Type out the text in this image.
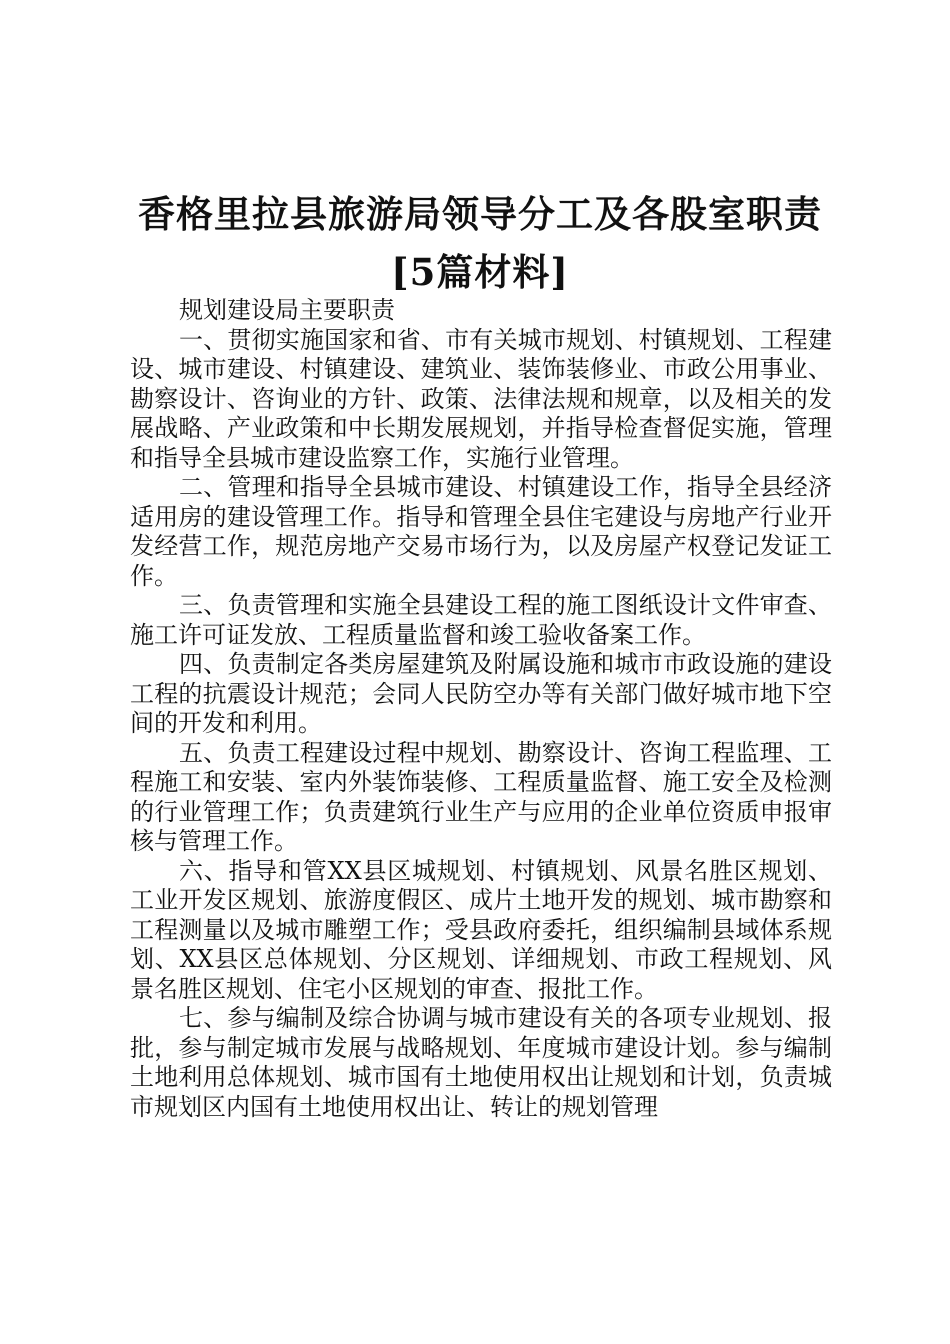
香格里拉县旅游局领导分工及各股室职责[5篇材料]

规划建设局主要职责

一、贯彻实施国家和省、市有关城市规划、村镇规划、工程建设、城市建设、村镇建设、建筑业、装饰装修业、市政公用事业、勘察设计、咨询业的方针、政策、法律法规和规章，以及相关的发展战略、产业政策和中长期发展规划，并指导检查督促实施，管理和指导全县城市建设监察工作，实施行业管理。

二、管理和指导全县城市建设、村镇建设工作，指导全县经济适用房的建设管理工作。指导和管理全县住宅建设与房地产行业开发经营工作，规范房地产交易市场行为，以及房屋产权登记发证工作。

三、负责管理和实施全县建设工程的施工图纸设计文件审查、施工许可证发放、工程质量监督和竣工验收备案工作。

四、负责制定各类房屋建筑及附属设施和城市市政设施的建设工程的抗震设计规范；会同人民防空办等有关部门做好城市地下空间的开发和利用。

五、负责工程建设过程中规划、勘察设计、咨询工程监理、工程施工和安装、室内外装饰装修、工程质量监督、施工安全及检测的行业管理工作；负责建筑行业生产与应用的企业单位资质申报审核与管理工作。

六、指导和管XX县区城规划、村镇规划、风景名胜区规划、工业开发区规划、旅游度假区、成片土地开发的规划、城市勘察和工程测量以及城市雕塑工作；受县政府委托，组织编制县域体系规划、XX县区总体规划、分区规划、详细规划、市政工程规划、风景名胜区规划、住宅小区规划的审查、报批工作。

七、参与编制及综合协调与城市建设有关的各项专业规划、报批，参与制定城市发展与战略规划、年度城市建设计划。参与编制土地利用总体规划、城市国有土地使用权出让规划和计划，负责城市规划区内国有土地使用权出让、转让的规划管理
